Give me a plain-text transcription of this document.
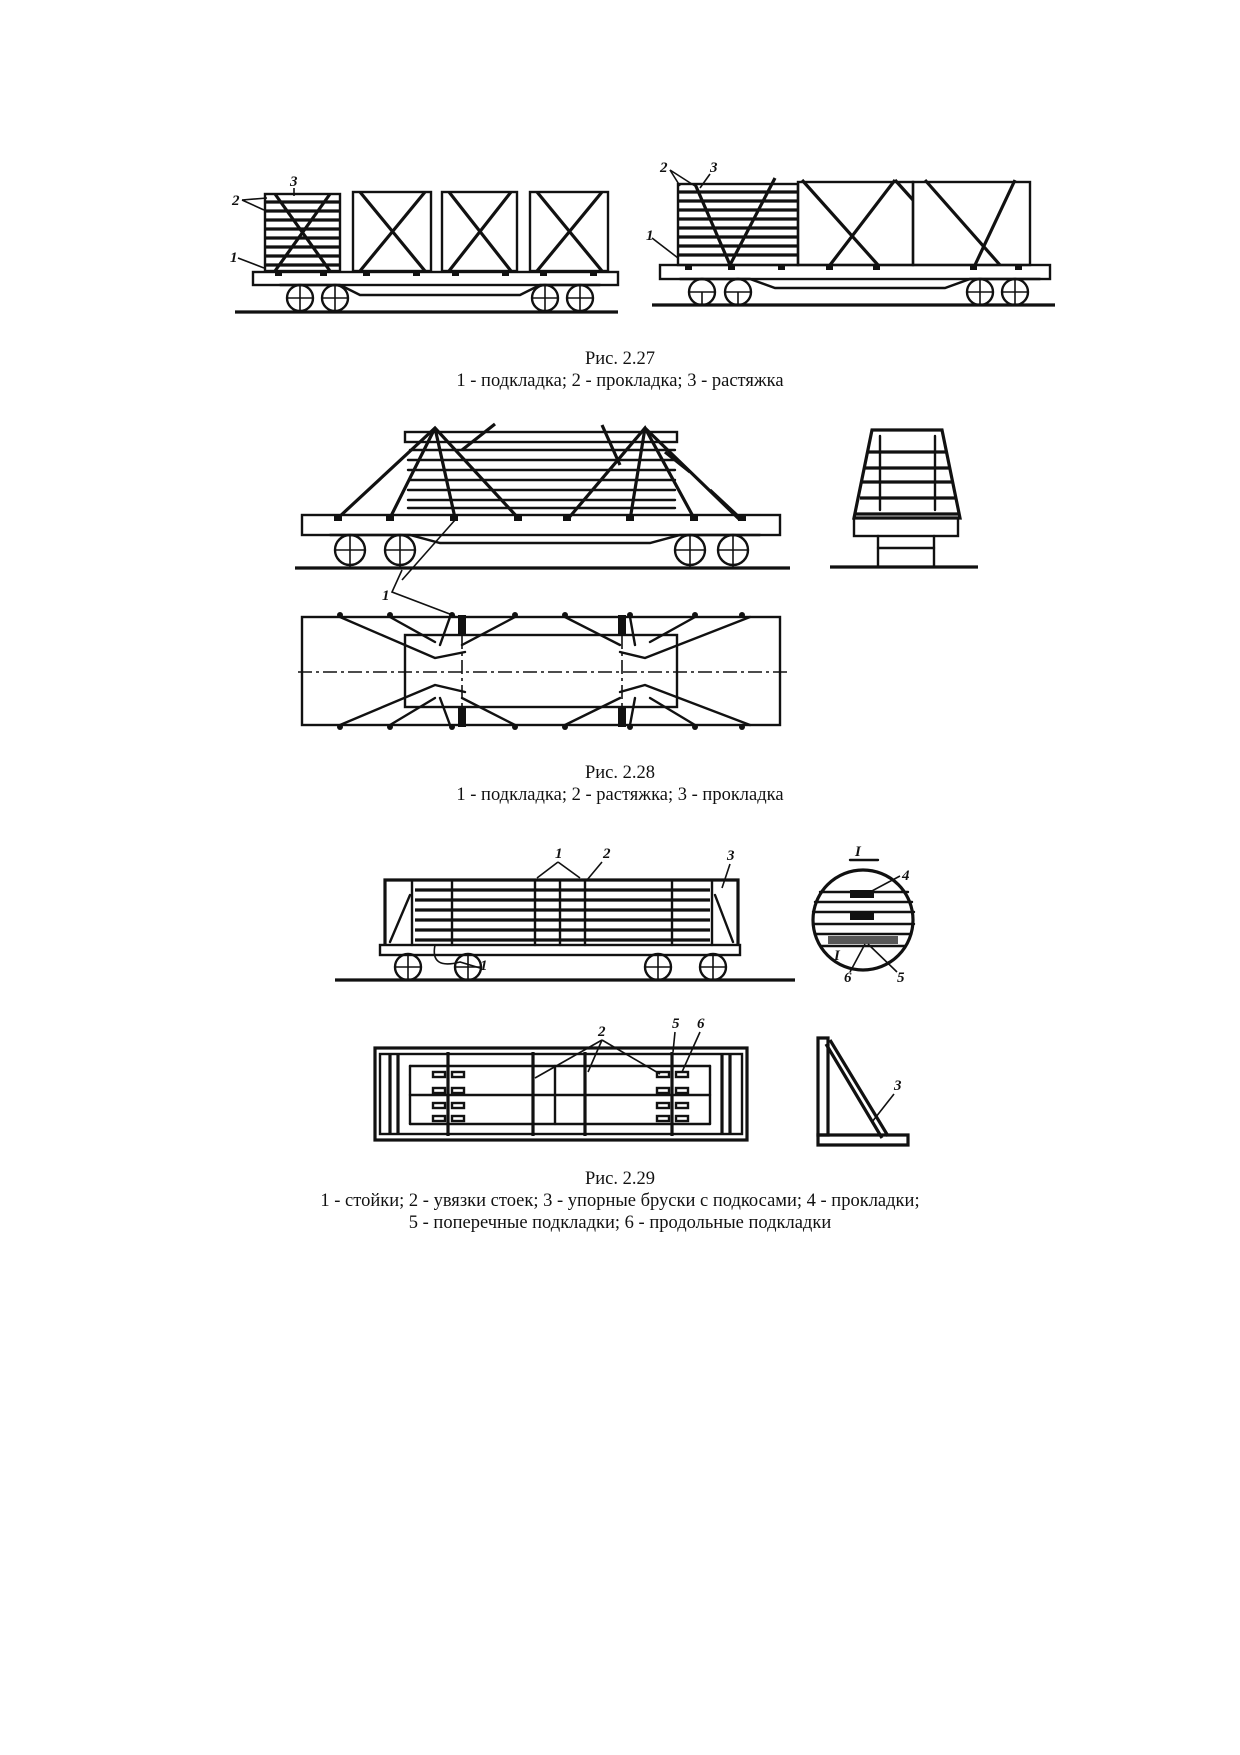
1
2
3
1
2	3
Рис. 2.27
1 - подкладка; 2 - прокладка; 3 - растяжка
1
Рис. 2.28
1 - подкладка; 2 - растяжка; 3 - прокладка
1
1	2	3	I
4
I
6	5
2	5 6
3
Рис. 2.29
1 - стойки; 2 - увязки стоек; 3 - упорные бруски с подкосами; 4 - прокладки;
5 - поперечные подкладки; 6 - продольные подкладки
